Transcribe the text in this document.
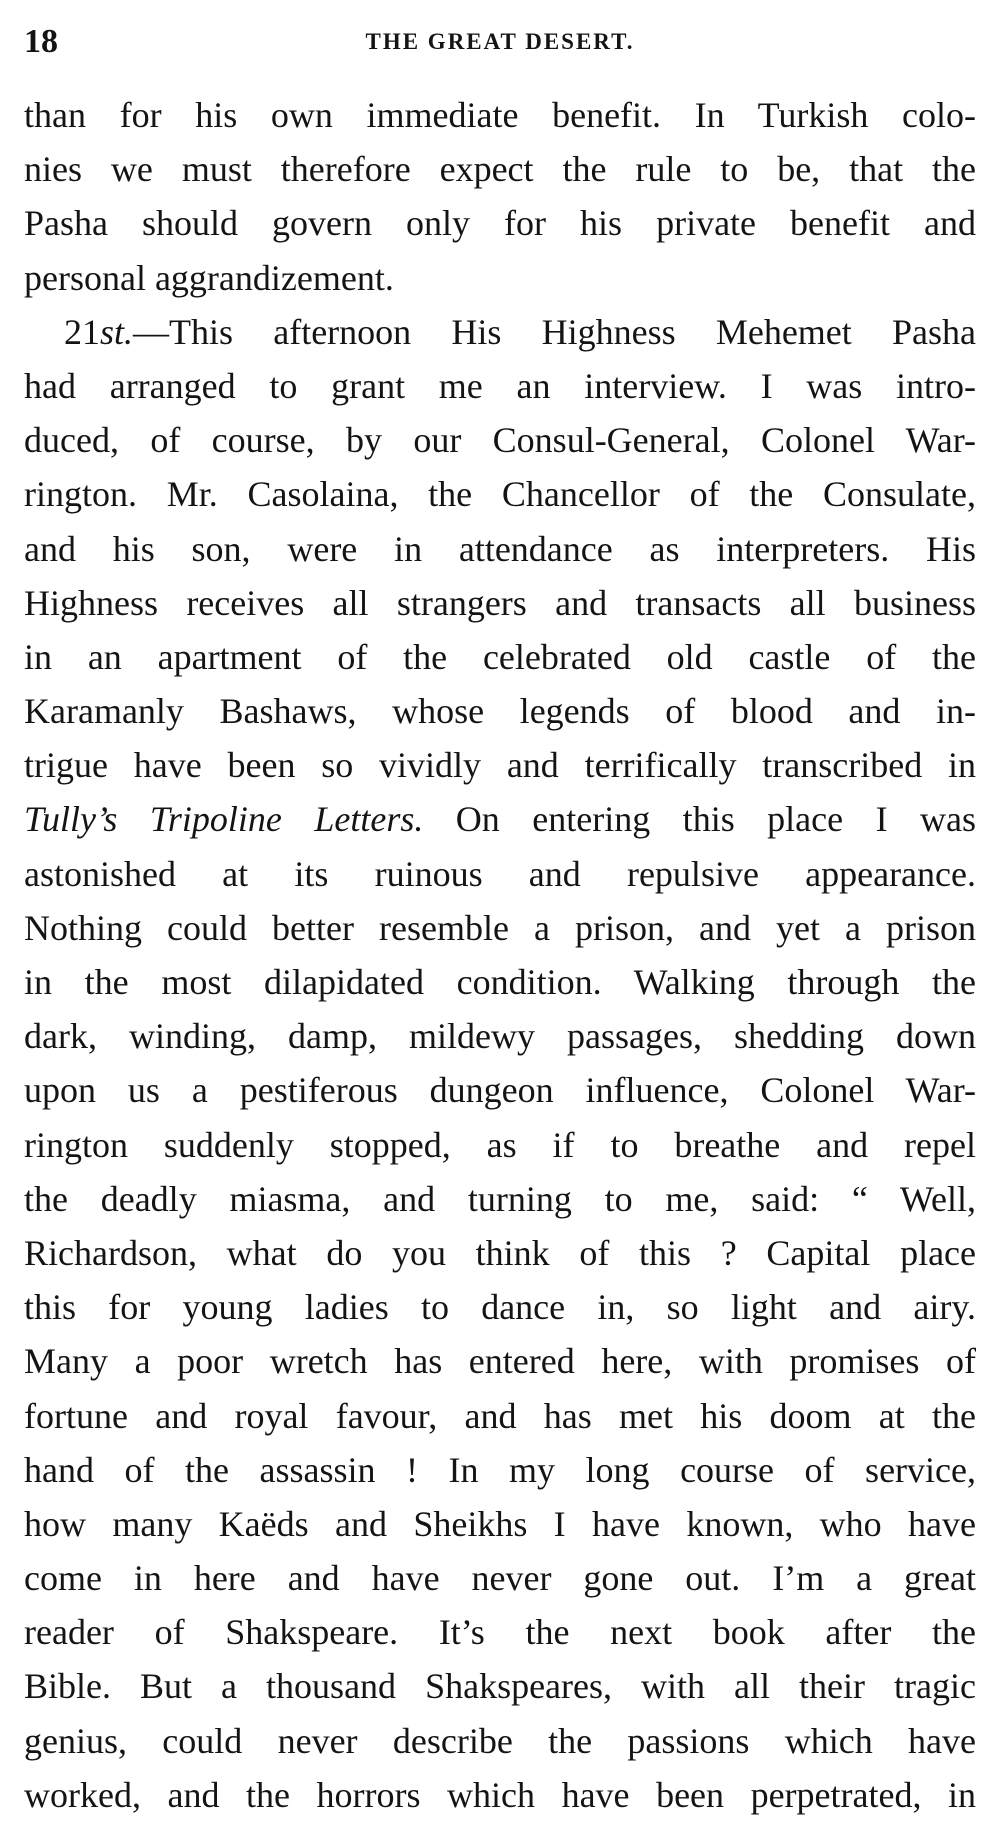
18	THE GREAT DESERT.
than for his own immediate benefit. In Turkish colo-
nies we must therefore expect the rule to be, that the
Pasha should govern only for his private benefit and
personal aggrandizement.
21st.—This afternoon His Highness Mehemet Pasha
had arranged to grant me an interview. I was intro-
duced, of course, by our Consul-General, Colonel War-
rington. Mr. Casolaina, the Chancellor of the Consulate,
and his son, were in attendance as interpreters. His
Highness receives all strangers and transacts all business
in an apartment of the celebrated old castle of the
Karamanly Bashaws, whose legends of blood and in-
trigue have been so vividly and terrifically transcribed in
Tully’s Tripoline Letters. On entering this place I was
astonished at its ruinous and repulsive appearance.
Nothing could better resemble a prison, and yet a prison
in the most dilapidated condition. Walking through the
dark, winding, damp, mildewy passages, shedding down
upon us a pestiferous dungeon influence, Colonel War-
rington suddenly stopped, as if to breathe and repel
the deadly miasma, and turning to me, said: “ Well,
Richardson, what do you think of this ? Capital place
this for young ladies to dance in, so light and airy.
Many a poor wretch has entered here, with promises of
fortune and royal favour, and has met his doom at the
hand of the assassin ! In my long course of service,
how many Kaëds and Sheikhs I have known, who have
come in here and have never gone out. I’m a great
reader of Shakspeare. It’s the next book after the
Bible. But a thousand Shakspeares, with all their tragic
genius, could never describe the passions which have
worked, and the horrors which have been perpetrated, in
